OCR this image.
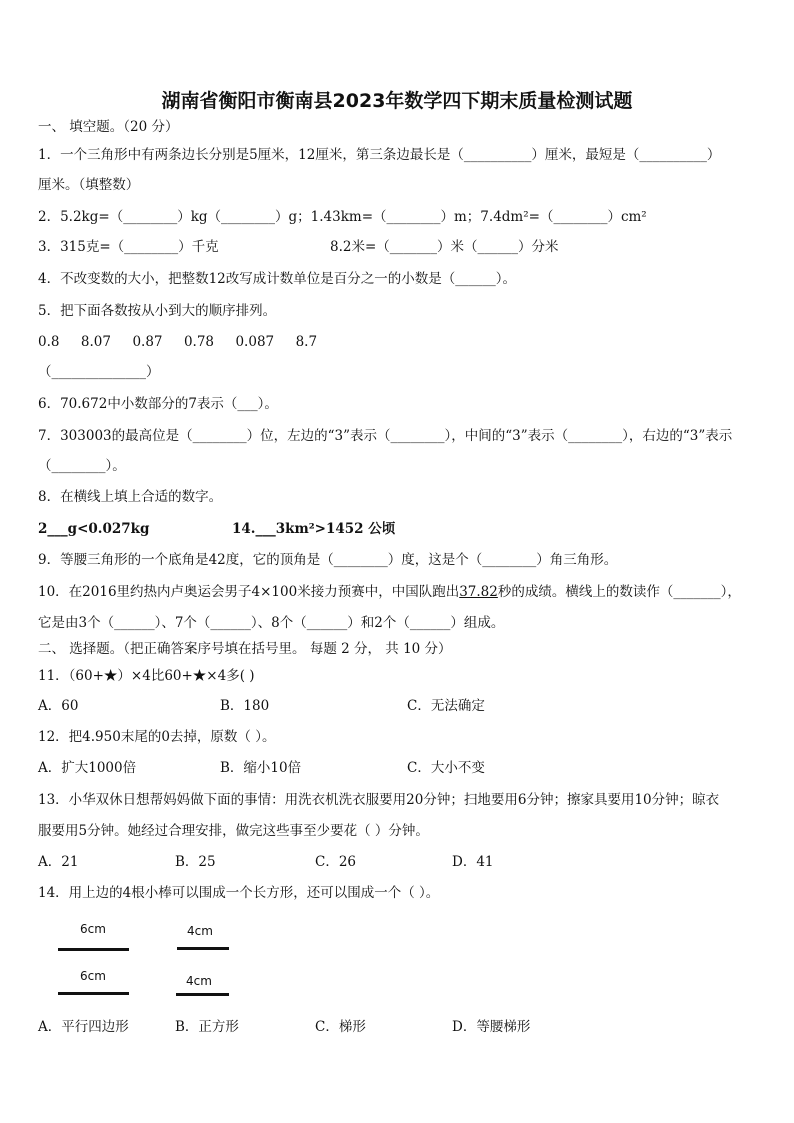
湖南省衡阳市衡南县2023年数学四下期末质量检测试题
一、 填空题。（20 分）
1．一个三角形中有两条边长分别是5厘米，12厘米，第三条边最长是（__________）厘米，最短是（__________）
厘米。（填整数）
2．5.2kg=（________）kg（________）g；1.43km=（________）m；7.4dm²=（________）cm²
3．315克=（________）千克	8.2米=（_______）米（______）分米
4．不改变数的大小，把整数12改写成计数单位是百分之一的小数是（______）。
5．把下面各数按从小到大的顺序排列。
0.8     8.07     0.87     0.78     0.087     8.7
（______________）
6．70.672中小数部分的7表示（___）。
7．303003的最高位是（________）位，左边的“3”表示（________），中间的“3”表示（________），右边的“3”表示
（________）。
8．在横线上填上合适的数字。
2___g<0.027kg	14.___3km²>1452 公顷
9．等腰三角形的一个底角是42度，它的顶角是（________）度，这是个（________）角三角形。
10．在2016里约热内卢奥运会男子4×100米接力预赛中，中国队跑出37.82秒的成绩。横线上的数读作（_______），
它是由3个（______）、7个（______）、8个（______）和2个（______）组成。
二、 选择题。（把正确答案序号填在括号里。 每题 2 分， 共 10 分）
11．（60+★）×4比60+★×4多( )
A．60	B．180	C．无法确定
12．把4.950末尾的0去掉，原数（ ）。
A．扩大1000倍	B．缩小10倍	C．大小不变
13．小华双休日想帮妈妈做下面的事情：用洗衣机洗衣服要用20分钟；扫地要用6分钟；擦家具要用10分钟；晾衣
服要用5分钟。她经过合理安排，做完这些事至少要花（ ）分钟。
A．21	B．25	C．26	D．41
14．用上边的4根小棒可以围成一个长方形，还可以围成一个（ ）。
6cm	4cm
6cm	4cm
A．平行四边形	B．正方形	C．梯形	D．等腰梯形
